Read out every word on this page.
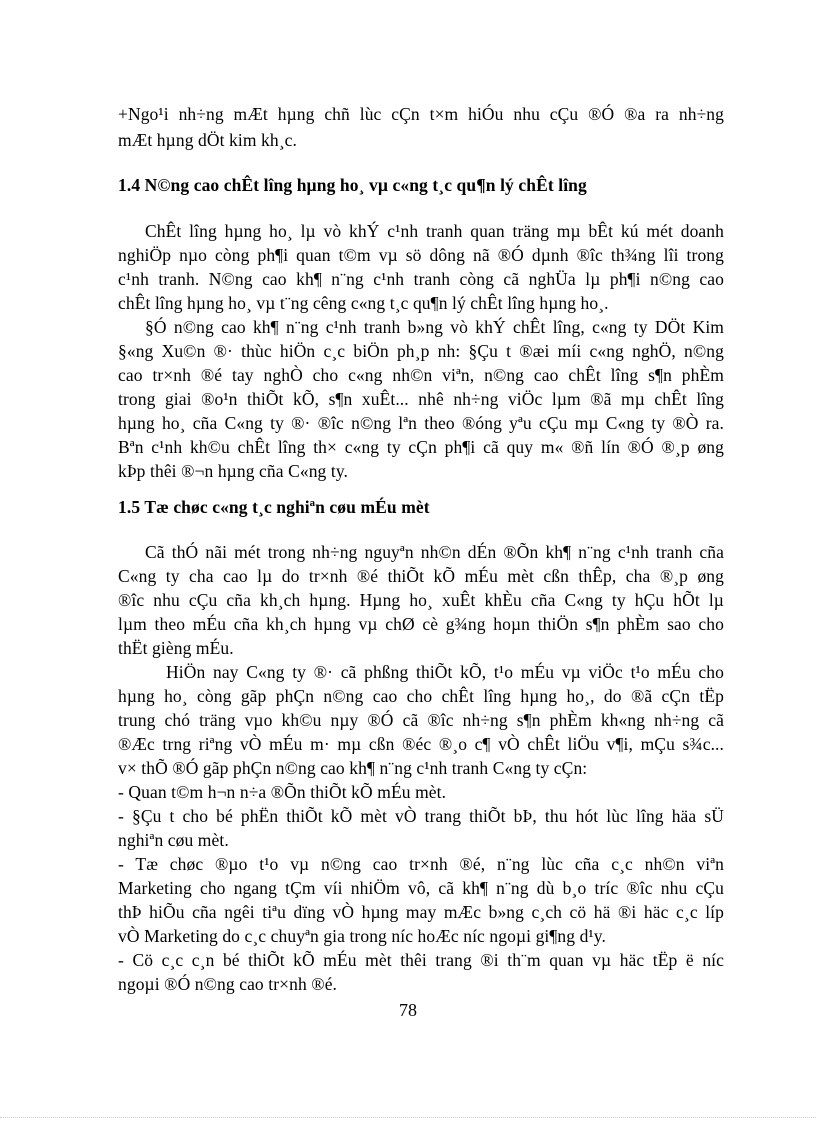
+Ngo¹i nh÷ng mÆt hµng chñ lùc cÇn t×m hiÓu nhu cÇu ®Ó ®a ra nh÷ng
mÆt hµng dÖt kim kh¸c.
1.4 N©ng cao chÊt lîng hµng ho¸ vµ c«ng t¸c qu¶n lý chÊt lîng
ChÊt lîng hµng ho¸ lµ vò khÝ c¹nh tranh quan träng mµ bÊt kú mét doanh
nghiÖp nµo còng ph¶i quan t©m vµ sö dông nã ®Ó dµnh ®îc th¾ng lîi trong
c¹nh tranh. N©ng cao kh¶ n¨ng c¹nh tranh còng cã nghÜa lµ ph¶i n©ng cao
chÊt lîng hµng ho¸ vµ t¨ng cêng c«ng t¸c qu¶n lý chÊt lîng hµng ho¸.
§Ó n©ng cao kh¶ n¨ng c¹nh tranh b»ng vò khÝ chÊt lîng, c«ng ty DÖt Kim
§«ng Xu©n ®· thùc hiÖn c¸c biÖn ph¸p nh: §Çu t ®æi míi c«ng nghÖ, n©ng
cao tr×nh ®é tay nghÒ cho c«ng nh©n viªn, n©ng cao chÊt lîng s¶n phÈm
trong giai ®o¹n thiÕt kÕ, s¶n xuÊt... nhê nh÷ng viÖc lµm ®ã mµ chÊt lîng
hµng ho¸ cña C«ng ty ®· ®îc n©ng lªn theo ®óng yªu cÇu mµ C«ng ty ®Ò ra.
Bªn c¹nh kh©u chÊt lîng th× c«ng ty cÇn ph¶i cã quy m« ®ñ lín ®Ó ®¸p øng
kÞp thêi ®¬n hµng cña C«ng ty.
1.5 Tæ chøc c«ng t¸c nghiªn cøu mÉu mèt
Cã thÓ nãi mét trong nh÷ng nguyªn nh©n dÉn ®Õn kh¶ n¨ng c¹nh tranh cña
C«ng ty cha cao lµ do tr×nh ®é thiÕt kÕ mÉu mèt cßn thÊp, cha ®¸p øng
®îc nhu cÇu cña kh¸ch hµng. Hµng ho¸ xuÊt khÈu cña C«ng ty hÇu hÕt lµ
lµm theo mÉu cña kh¸ch hµng vµ chØ cè g¾ng hoµn thiÖn s¶n phÈm sao cho
thËt gièng mÉu.
HiÖn nay C«ng ty ®· cã phßng thiÕt kÕ, t¹o mÉu vµ viÖc t¹o mÉu cho
hµng ho¸ còng gãp phÇn n©ng cao cho chÊt lîng hµng ho¸, do ®ã cÇn tËp
trung chó träng vµo kh©u nµy ®Ó cã ®îc nh÷ng s¶n phÈm kh«ng nh÷ng cã
®Æc trng riªng vÒ mÉu m· mµ cßn ®éc ®¸o c¶ vÒ chÊt liÖu v¶i, mÇu s¾c...
v× thÕ ®Ó gãp phÇn n©ng cao kh¶ n¨ng c¹nh tranh C«ng ty cÇn:
- Quan t©m h¬n n÷a ®Õn thiÕt kÕ mÉu mèt.
- §Çu t cho bé phËn thiÕt kÕ mèt vÒ trang thiÕt bÞ, thu hót lùc lîng häa sÜ
nghiªn cøu mèt.
- Tæ chøc ®µo t¹o vµ n©ng cao tr×nh ®é, n¨ng lùc cña c¸c nh©n viªn
Marketing cho ngang tÇm víi nhiÖm vô, cã kh¶ n¨ng dù b¸o tríc ®îc nhu cÇu
thÞ hiÕu cña ngêi tiªu dïng vÒ hµng may mÆc b»ng c¸ch cö hä ®i häc c¸c líp
vÒ Marketing do c¸c chuyªn gia trong níc hoÆc níc ngoµi gi¶ng d¹y.
- Cö c¸c c¸n bé thiÕt kÕ mÉu mèt thêi trang ®i th¨m quan vµ häc tËp ë níc
ngoµi ®Ó n©ng cao tr×nh ®é.
78
